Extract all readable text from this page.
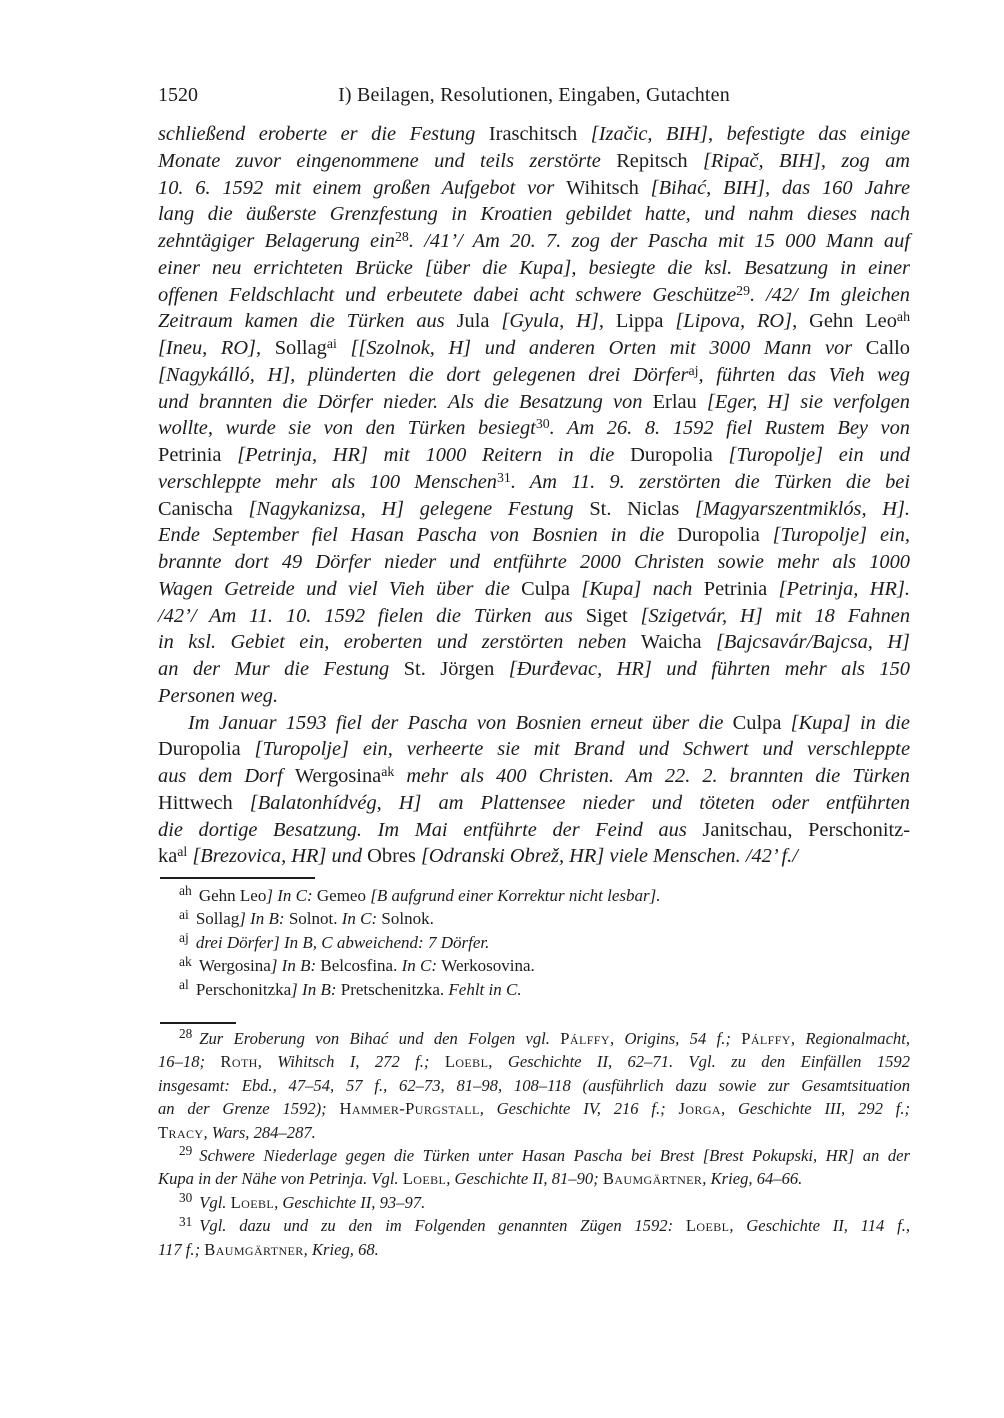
1520	I) Beilagen, Resolutionen, Eingaben, Gutachten
schließend eroberte er die Festung Iraschitsch [Izačic, BIH], befestigte das einige
Monate zuvor eingenommene und teils zerstörte Repitsch [Ripač, BIH], zog am
10. 6. 1592 mit einem großen Aufgebot vor Wihitsch [Bihać, BIH], das 160 Jahre
lang die äußerste Grenzfestung in Kroatien gebildet hatte, und nahm dieses nach
zehntägiger Belagerung ein$^{28}$. /41’/ Am 20. 7. zog der Pascha mit 15 000 Mann auf
einer neu errichteten Brücke [über die Kupa], besiegte die ksl. Besatzung in einer
offenen Feldschlacht und erbeutete dabei acht schwere Geschütze$^{29}$. /42/ Im gleichen
Zeitraum kamen die Türken aus Jula [Gyula, H], Lippa [Lipova, RO], Gehn Leo$^{ah}$
[Ineu, RO], Sollag$^{ai}$ [[Szolnok, H] und anderen Orten mit 3000 Mann vor Callo
[Nagykálló, H], plünderten die dort gelegenen drei Dörfer$^{aj}$, führten das Vieh weg
und brannten die Dörfer nieder. Als die Besatzung von Erlau [Eger, H] sie verfolgen
wollte, wurde sie von den Türken besiegt$^{30}$. Am 26. 8. 1592 fiel Rustem Bey von
Petrinia [Petrinja, HR] mit 1000 Reitern in die Duropolia [Turopolje] ein und
verschleppte mehr als 100 Menschen$^{31}$. Am 11. 9. zerstörten die Türken die bei
Canischa [Nagykanizsa, H] gelegene Festung St. Niclas [Magyarszentmiklós, H].
Ende September fiel Hasan Pascha von Bosnien in die Duropolia [Turopolje] ein,
brannte dort 49 Dörfer nieder und entführte 2000 Christen sowie mehr als 1000
Wagen Getreide und viel Vieh über die Culpa [Kupa] nach Petrinia [Petrinja, HR].
/42’/ Am 11. 10. 1592 fielen die Türken aus Siget [Szigetvár, H] mit 18 Fahnen
in ksl. Gebiet ein, eroberten und zerstörten neben Waicha [Bajcsavár/Bajcsa, H]
an der Mur die Festung St. Jörgen [Đurđevac, HR] und führten mehr als 150
Personen weg.
Im Januar 1593 fiel der Pascha von Bosnien erneut über die Culpa [Kupa] in die
Duropolia [Turopolje] ein, verheerte sie mit Brand und Schwert und verschleppte
aus dem Dorf Wergosina$^{ak}$ mehr als 400 Christen. Am 22. 2. brannten die Türken
Hittwech [Balatonhídvég, H] am Plattensee nieder und töteten oder entführten
die dortige Besatzung. Im Mai entführte der Feind aus Janitschau, Perschonitz-
$ka^{al}$ [Brezovica, HR] und Obres [Odranski Obrež, HR] viele Menschen. /42’ f./
$^{ah}$ Gehn Leo] In C: Gemeo [B aufgrund einer Korrektur nicht lesbar].
$^{ai}$ Sollag] In B: Solnot. In C: Solnok.
$^{aj}$ drei Dörfer] In B, C abweichend: 7 Dörfer.
$^{ak}$ Wergosina] In B: Belcosfina. In C: Werkosovina.
$^{al}$ Perschonitzka] In B: Pretschenitzka. Fehlt in C.
$^{28}$ Zur Eroberung von Bihać und den Folgen vgl. Pálffy, Origins, 54 f.; Pálffy, Regionalmacht,
16–18; Roth, Wihitsch I, 272 f.; Loebl, Geschichte II, 62–71. Vgl. zu den Einfällen 1592
insgesamt: Ebd., 47–54, 57 f., 62–73, 81–98, 108–118 (ausführlich dazu sowie zur Gesamtsituation
an der Grenze 1592); Hammer-Purgstall, Geschichte IV, 216 f.; Jorga, Geschichte III, 292 f.;
Tracy, Wars, 284–287.
$^{29}$ Schwere Niederlage gegen die Türken unter Hasan Pascha bei Brest [Brest Pokupski, HR] an der
Kupa in der Nähe von Petrinja. Vgl. Loebl, Geschichte II, 81–90; Baumgärtner, Krieg, 64–66.
$^{30}$ Vgl. Loebl, Geschichte II, 93–97.
$^{31}$ Vgl. dazu und zu den im Folgenden genannten Zügen 1592: Loebl, Geschichte II, 114 f.,
117 f.; Baumgärtner, Krieg, 68.
